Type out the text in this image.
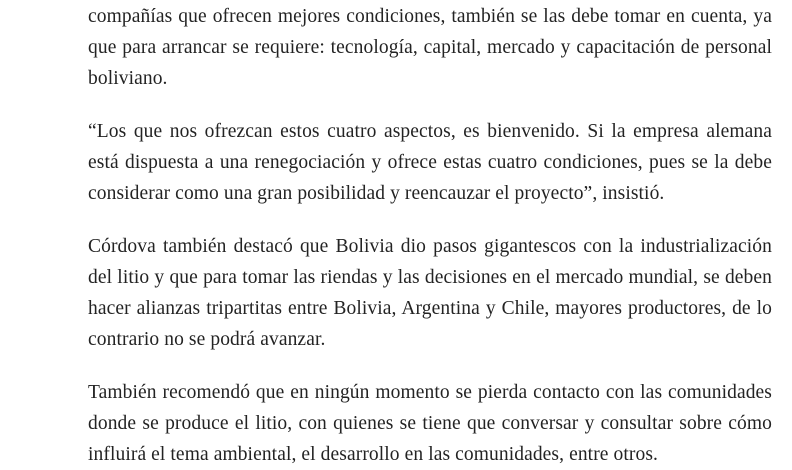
compañías que ofrecen mejores condiciones, también se las debe tomar en cuenta, ya que para arrancar se requiere: tecnología, capital, mercado y capacitación de personal boliviano.

“Los que nos ofrezcan estos cuatro aspectos, es bienvenido. Si la empresa alemana está dispuesta a una renegociación y ofrece estas cuatro condiciones, pues se la debe considerar como una gran posibilidad y reencauzar el proyecto”, insistió.

Córdova también destacó que Bolivia dio pasos gigantescos con la industrialización del litio y que para tomar las riendas y las decisiones en el mercado mundial, se deben hacer alianzas tripartitas entre Bolivia, Argentina y Chile, mayores productores, de lo contrario no se podrá avanzar.

También recomendó que en ningún momento se pierda contacto con las comunidades donde se produce el litio, con quienes se tiene que conversar y consultar sobre cómo influirá el tema ambiental, el desarrollo en las comunidades, entre otros.
